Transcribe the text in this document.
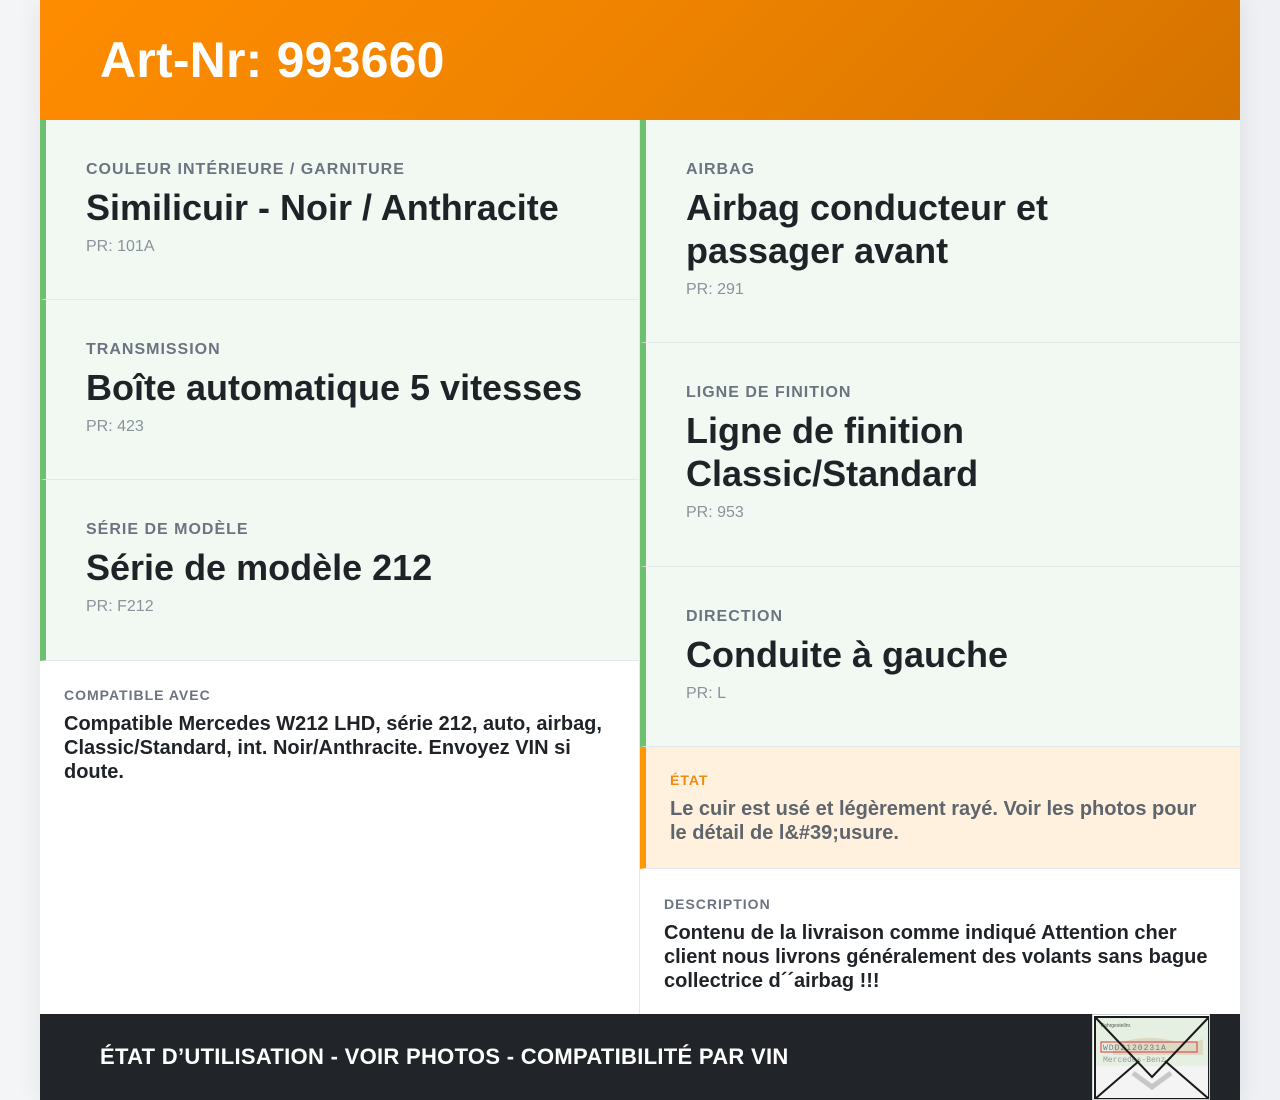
Art-Nr: 993660
COULEUR INTÉRIEURE / GARNITURE
Similicuir - Noir / Anthracite
PR: 101A
TRANSMISSION
Boîte automatique 5 vitesses
PR: 423
SÉRIE DE MODÈLE
Série de modèle 212
PR: F212
COMPATIBLE AVEC
Compatible Mercedes W212 LHD, série 212, auto, airbag, Classic/Standard, int. Noir/Anthracite. Envoyez VIN si doute.
AIRBAG
Airbag conducteur et passager avant
PR: 291
LIGNE DE FINITION
Ligne de finition Classic/Standard
PR: 953
DIRECTION
Conduite à gauche
PR: L
ÉTAT
Le cuir est usé et légèrement rayé. Voir les photos pour le détail de l&#39;usure.
DESCRIPTION
Contenu de la livraison comme indiqué Attention cher client nous livrons généralement des volants sans bague collectrice d´´airbag !!!
ÉTAT D’UTILISATION - VOIR PHOTOS - COMPATIBILITÉ PAR VIN
Fahrgestellnr.
WDD2120231A
Mercedes-Benz
